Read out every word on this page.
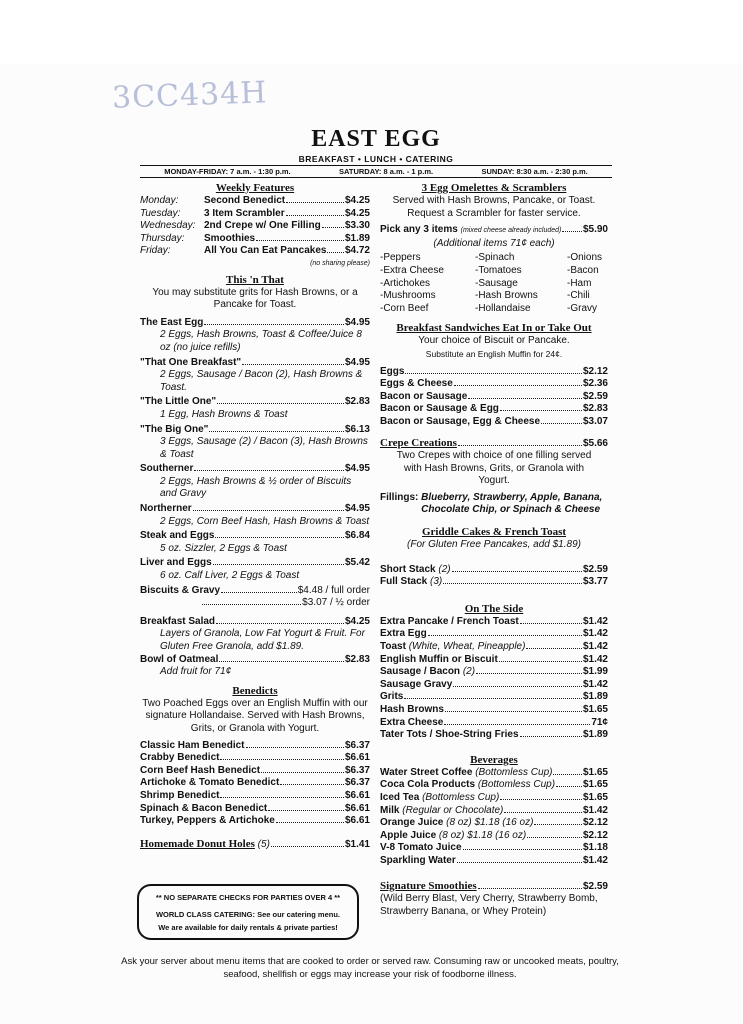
3CC434H
EAST EGG
BREAKFAST • LUNCH • CATERING
MONDAY-FRIDAY: 7 a.m. - 1:30 p.m.	SATURDAY: 8 a.m. - 1 p.m.	SUNDAY: 8:30 a.m. - 2:30 p.m.

Weekly Features

Monday:	Second Benedict	$4.25
Tuesday:	3 Item Scrambler	$4.25
Wednesday: 2nd Crepe w/ One Filling $3.30
Thursday:	Smoothies	$1.89
Friday:	All You Can Eat Pancakes $4.72
(no sharing please)

This 'n That

You may substitute grits for Hash Browns, or a Pancake for Toast.
The East Egg	$4.95
2 Eggs, Hash Browns, Toast & Coffee/Juice 8 oz (no juice refills)
"That One Breakfast"	$4.95
2 Eggs, Sausage / Bacon (2), Hash Browns & Toast.
"The Little One"	$2.83
1 Egg, Hash Browns & Toast
"The Big One"	$6.13
3 Eggs, Sausage (2) / Bacon (3), Hash Browns & Toast
Southerner	$4.95
2 Eggs, Hash Browns & ½ order of Biscuits and Gravy
Northerner	$4.95
2 Eggs, Corn Beef Hash, Hash Browns & Toast
Steak and Eggs	$6.84
5 oz. Sizzler, 2 Eggs & Toast
Liver and Eggs	$5.42
6 oz. Calf Liver, 2 Eggs & Toast
Biscuits & Gravy	$4.48 / full order
$3.07 / ½ order
Breakfast Salad	$4.25
Layers of Granola, Low Fat Yogurt & Fruit. For Gluten Free Granola, add $1.89.
Bowl of Oatmeal	$2.83
Add fruit for 71¢

Benedicts

Two Poached Eggs over an English Muffin with our signature Hollandaise. Served with Hash Browns, Grits, or Granola with Yogurt.
Classic Ham Benedict	$6.37
Crabby Benedict	$6.61
Corn Beef Hash Benedict	$6.37
Artichoke & Tomato Benedict	$6.37
Shrimp Benedict	$6.61
Spinach & Bacon Benedict	$6.61
Turkey, Peppers & Artichoke	$6.61
Homemade Donut Holes
(5)	$1.41

3 Egg Omelettes & Scramblers

Served with Hash Browns, Pancake, or Toast.
Request a Scrambler for faster service.
Pick any 3 items
(mixed cheese already included) $5.90
(Additional items 71¢ each)
-Peppers	-Spinach	-Onions
-Extra Cheese	-Tomatoes	-Bacon
-Artichokes	-Sausage	-Ham
-Mushrooms	-Hash Browns	-Chili
-Corn Beef	-Hollandaise	-Gravy

Breakfast Sandwiches Eat In or Take Out

Your choice of Biscuit or Pancake.
Substitute an English Muffin for 24¢.
Eggs	$2.12
Eggs & Cheese	$2.36
Bacon or Sausage	$2.59
Bacon or Sausage & Egg	$2.83
Bacon or Sausage, Egg & Cheese	$3.07
Crepe Creations	$5.66
Two Crepes with choice of one filling served with Hash Browns, Grits, or Granola with Yogurt.
Fillings:
Blueberry, Strawberry, Apple, Banana, Chocolate Chip, or Spinach & Cheese

Griddle Cakes & French Toast

(For Gluten Free Pancakes, add $1.89)
Short Stack
(2)	$2.59
Full Stack
(3)	$3.77

On The Side

Extra Pancake / French Toast	$1.42
Extra Egg	$1.42
Toast
(White, Wheat, Pineapple)	$1.42
English Muffin or Biscuit	$1.42
Sausage / Bacon
(2)	$1.99
Sausage Gravy	$1.42
Grits	$1.89
Hash Browns	$1.65
Extra Cheese	71¢
Tater Tots / Shoe-String Fries	$1.89

Beverages

Water Street Coffee
(Bottomless Cup)	$1.65
Coca Cola Products
(Bottomless Cup)	$1.65
Iced Tea
(Bottomless Cup)	$1.65
Milk
(Regular or Chocolate)	$1.42
Orange Juice
(8 oz) $1.18 (16 oz)	$2.12
Apple Juice
(8 oz) $1.18 (16 oz)	$2.12
V-8 Tomato Juice	$1.18
Sparkling Water	$1.42
Signature Smoothies	$2.59
(Wild Berry Blast, Very Cherry, Strawberry Bomb, Strawberry Banana, or Whey Protein)
** NO SEPARATE CHECKS FOR PARTIES OVER 4 **
WORLD CLASS CATERING: See our catering menu.
We are available for daily rentals & private parties!
Ask your server about menu items that are cooked to order or served raw. Consuming raw or uncooked meats, poultry, seafood, shellfish or eggs may increase your risk of foodborne illness.
